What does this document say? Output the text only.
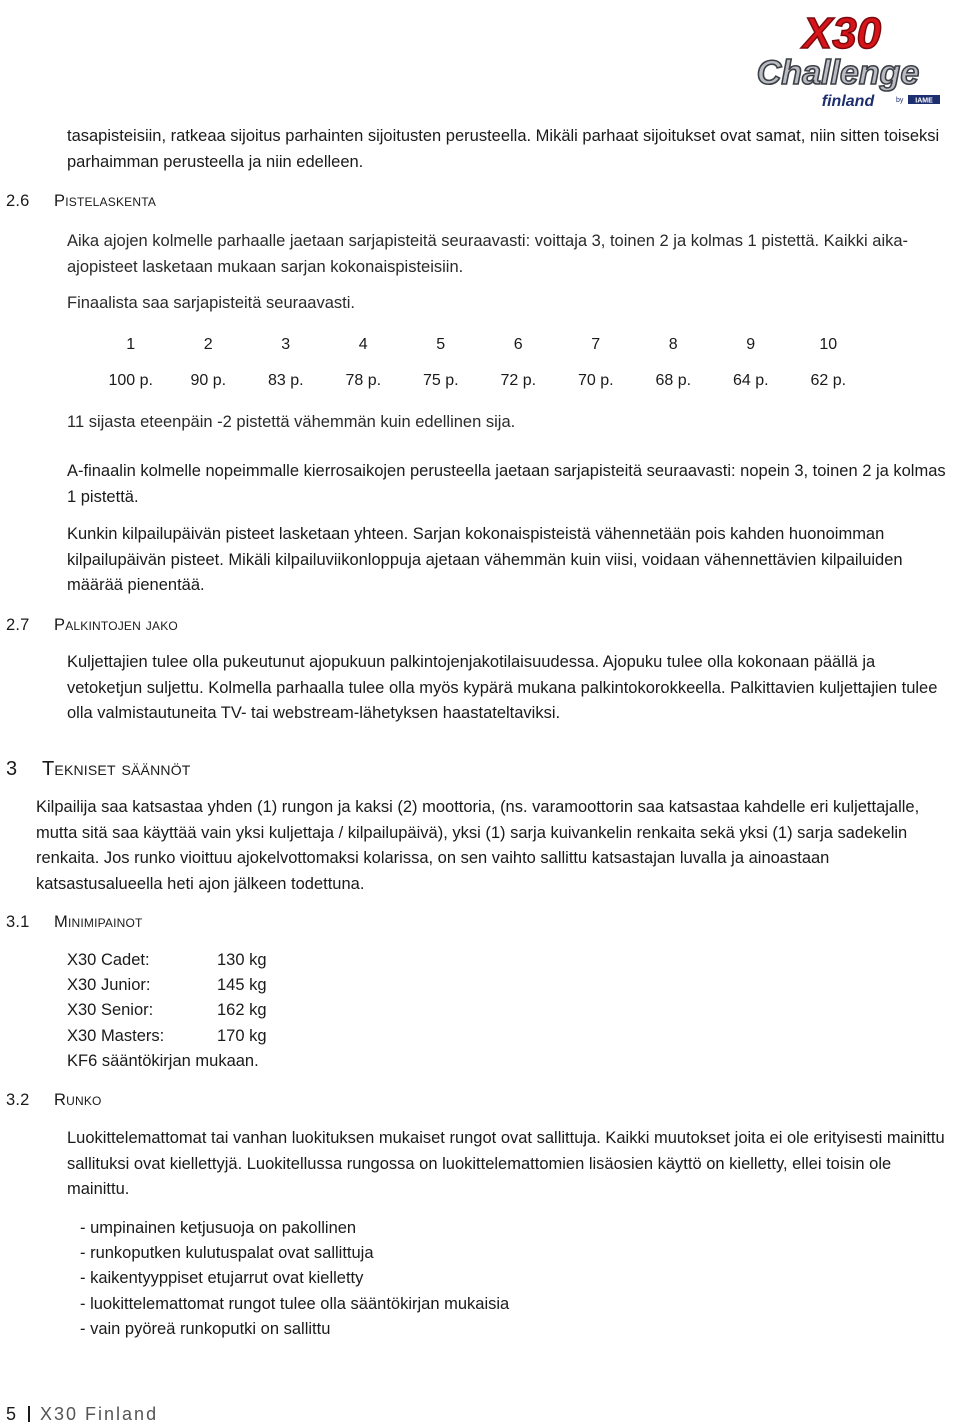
X30
Challenge
finland	by IAME

tasapisteisiin, ratkeaa sijoitus parhainten sijoitusten perusteella. Mikäli parhaat sijoitukset ovat samat, niin sitten toiseksi parhaimman perusteella ja niin edelleen.

2.6 Pistelaskenta

Aika ajojen kolmelle parhaalle jaetaan sarjapisteitä seuraavasti: voittaja 3, toinen 2 ja kolmas 1 pistettä. Kaikki aika-ajopisteet lasketaan mukaan sarjan kokonaispisteisiin.

Finaalista saa sarjapisteitä seuraavasti.

1	2	3	4	5	6	7	8	9	10

100 p.	90 p.	83 p.	78 p.	75 p.	72 p.	70 p.	68 p.	64 p.	62 p.

11 sijasta eteenpäin -2 pistettä vähemmän kuin edellinen sija.

A-finaalin kolmelle nopeimmalle kierrosaikojen perusteella jaetaan sarjapisteitä seuraavasti: nopein 3, toinen 2 ja kolmas 1 pistettä.

Kunkin kilpailupäivän pisteet lasketaan yhteen. Sarjan kokonaispisteistä vähennetään pois kahden huonoimman kilpailupäivän pisteet. Mikäli kilpailuviikonloppuja ajetaan vähemmän kuin viisi, voidaan vähennettävien kilpailuiden määrää pienentää.

2.7 Palkintojen jako

Kuljettajien tulee olla pukeutunut ajopukuun palkintojenjakotilaisuudessa. Ajopuku tulee olla kokonaan päällä ja vetoketjun suljettu. Kolmella parhaalla tulee olla myös kypärä mukana palkintokorokkeella. Palkittavien kuljettajien tulee olla valmistautuneita TV- tai webstream-lähetyksen haastateltaviksi.

3 Tekniset säännöt

Kilpailija saa katsastaa yhden (1) rungon ja kaksi (2) moottoria, (ns. varamoottorin saa katsastaa kahdelle eri kuljettajalle, mutta sitä saa käyttää vain yksi kuljettaja / kilpailupäivä), yksi (1) sarja kuivankelin renkaita sekä yksi (1) sarja sadekelin renkaita. Jos runko vioittuu ajokelvottomaksi kolarissa, on sen vaihto sallittu katsastajan luvalla ja ainoastaan katsastusalueella heti ajon jälkeen todettuna.

3.1 Minimipainot
X30 Cadet:	130 kg
X30 Junior:	145 kg
X30 Senior:	162 kg
X30 Masters:	170 kg
KF6 sääntökirjan mukaan.
3.2 Runko

Luokittelemattomat tai vanhan luokituksen mukaiset rungot ovat sallittuja. Kaikki muutokset joita ei ole erityisesti mainittu sallituksi ovat kiellettyjä. Luokitellussa rungossa on luokittelemattomien lisäosien käyttö on kielletty, ellei toisin ole mainittu.

- umpinainen ketjusuoja on pakollinen
- runkoputken kulutuspalat ovat sallittuja
- kaikentyyppiset etujarrut ovat kielletty
- luokittelemattomat rungot tulee olla sääntökirjan mukaisia
- vain pyöreä runkoputki on sallittu
5 X30 Finland
